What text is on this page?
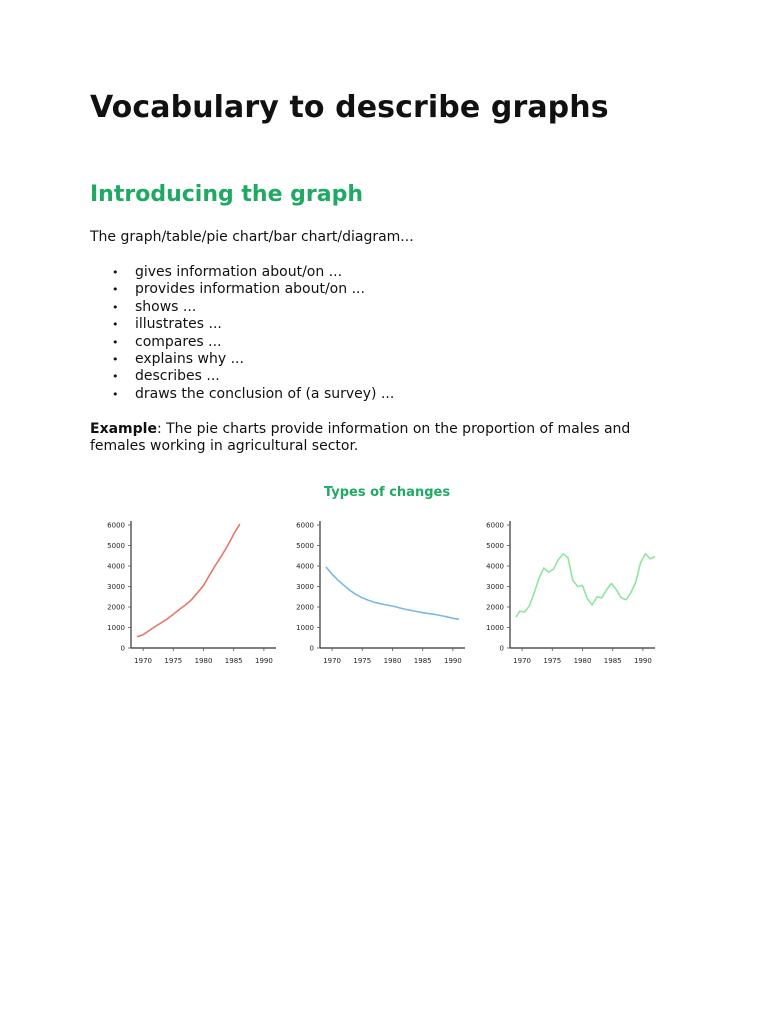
Vocabulary to describe graphs
Introducing the graph

The graph/table/pie chart/bar chart/diagram...

• gives information about/on ...
• provides information about/on ...
• shows ...
• illustrates ...
• compares ...
• explains why ...
• describes ...
• draws the conclusion of (a survey) ...

Example: The pie charts provide information on the proportion of males and females working in agricultural sector.

Types of changes
0
1000
2000
3000
4000
5000
6000
1970 1975 1980 1985 1990
0
1000
2000
3000
4000
5000
6000
1970 1975 1980 1985 1990
0
1000
2000
3000
4000
5000
6000
1970 1975 1980 1985 1990
